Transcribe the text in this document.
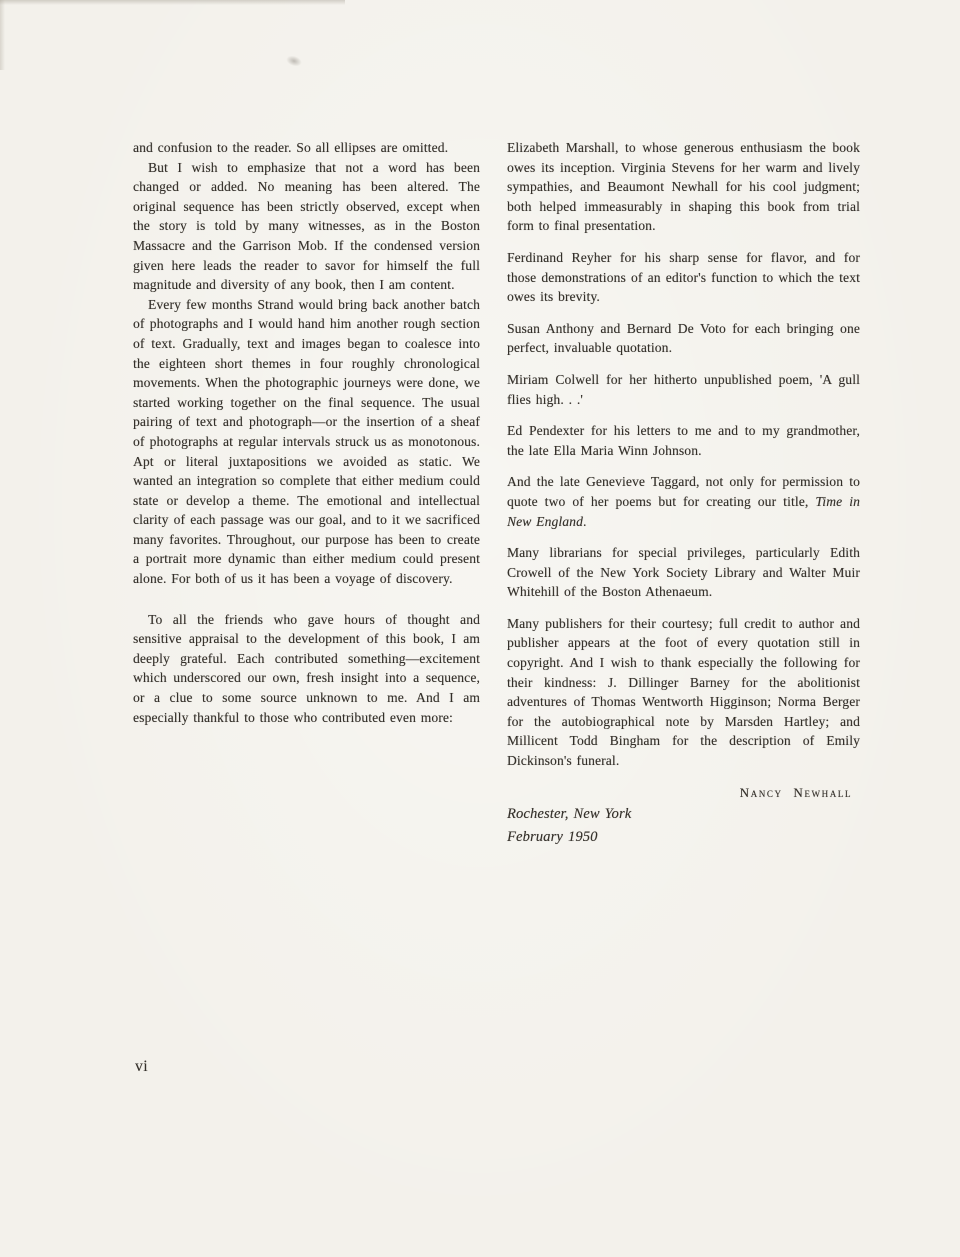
and confusion to the reader. So all ellipses are omitted.

But I wish to emphasize that not a word has been changed or added. No meaning has been altered. The original sequence has been strictly observed, except when the story is told by many witnesses, as in the Boston Massacre and the Garrison Mob. If the condensed version given here leads the reader to savor for himself the full magnitude and diversity of any book, then I am content.

Every few months Strand would bring back another batch of photographs and I would hand him another rough section of text. Gradually, text and images began to coalesce into the eighteen short themes in four roughly chronological movements. When the photographic journeys were done, we started working together on the final sequence. The usual pairing of text and photograph—or the insertion of a sheaf of photographs at regular intervals struck us as monotonous. Apt or literal juxtapositions we avoided as static. We wanted an integration so complete that either medium could state or develop a theme. The emotional and intellectual clarity of each passage was our goal, and to it we sacrificed many favorites. Throughout, our purpose has been to create a portrait more dynamic than either medium could present alone. For both of us it has been a voyage of discovery.

To all the friends who gave hours of thought and sensitive appraisal to the development of this book, I am deeply grateful. Each contributed something—excitement which underscored our own, fresh insight into a sequence, or a clue to some source unknown to me. And I am especially thankful to those who contributed even more:

Elizabeth Marshall, to whose generous enthusiasm the book owes its inception. Virginia Stevens for her warm and lively sympathies, and Beaumont Newhall for his cool judgment; both helped immeasurably in shaping this book from trial form to final presentation.

Ferdinand Reyher for his sharp sense for flavor, and for those demonstrations of an editor's function to which the text owes its brevity.

Susan Anthony and Bernard De Voto for each bringing one perfect, invaluable quotation.

Miriam Colwell for her hitherto unpublished poem, 'A gull flies high. . .'

Ed Pendexter for his letters to me and to my grandmother, the late Ella Maria Winn Johnson.

And the late Genevieve Taggard, not only for permission to quote two of her poems but for creating our title, Time in New England.

Many librarians for special privileges, particularly Edith Crowell of the New York Society Library and Walter Muir Whitehill of the Boston Athenaeum.

Many publishers for their courtesy; full credit to author and publisher appears at the foot of every quotation still in copyright. And I wish to thank especially the following for their kindness: J. Dillinger Barney for the abolitionist adventures of Thomas Wentworth Higginson; Norma Berger for the autobiographical note by Marsden Hartley; and Millicent Todd Bingham for the description of Emily Dickinson's funeral.

Nancy Newhall
Rochester, New York
February 1950
vi
